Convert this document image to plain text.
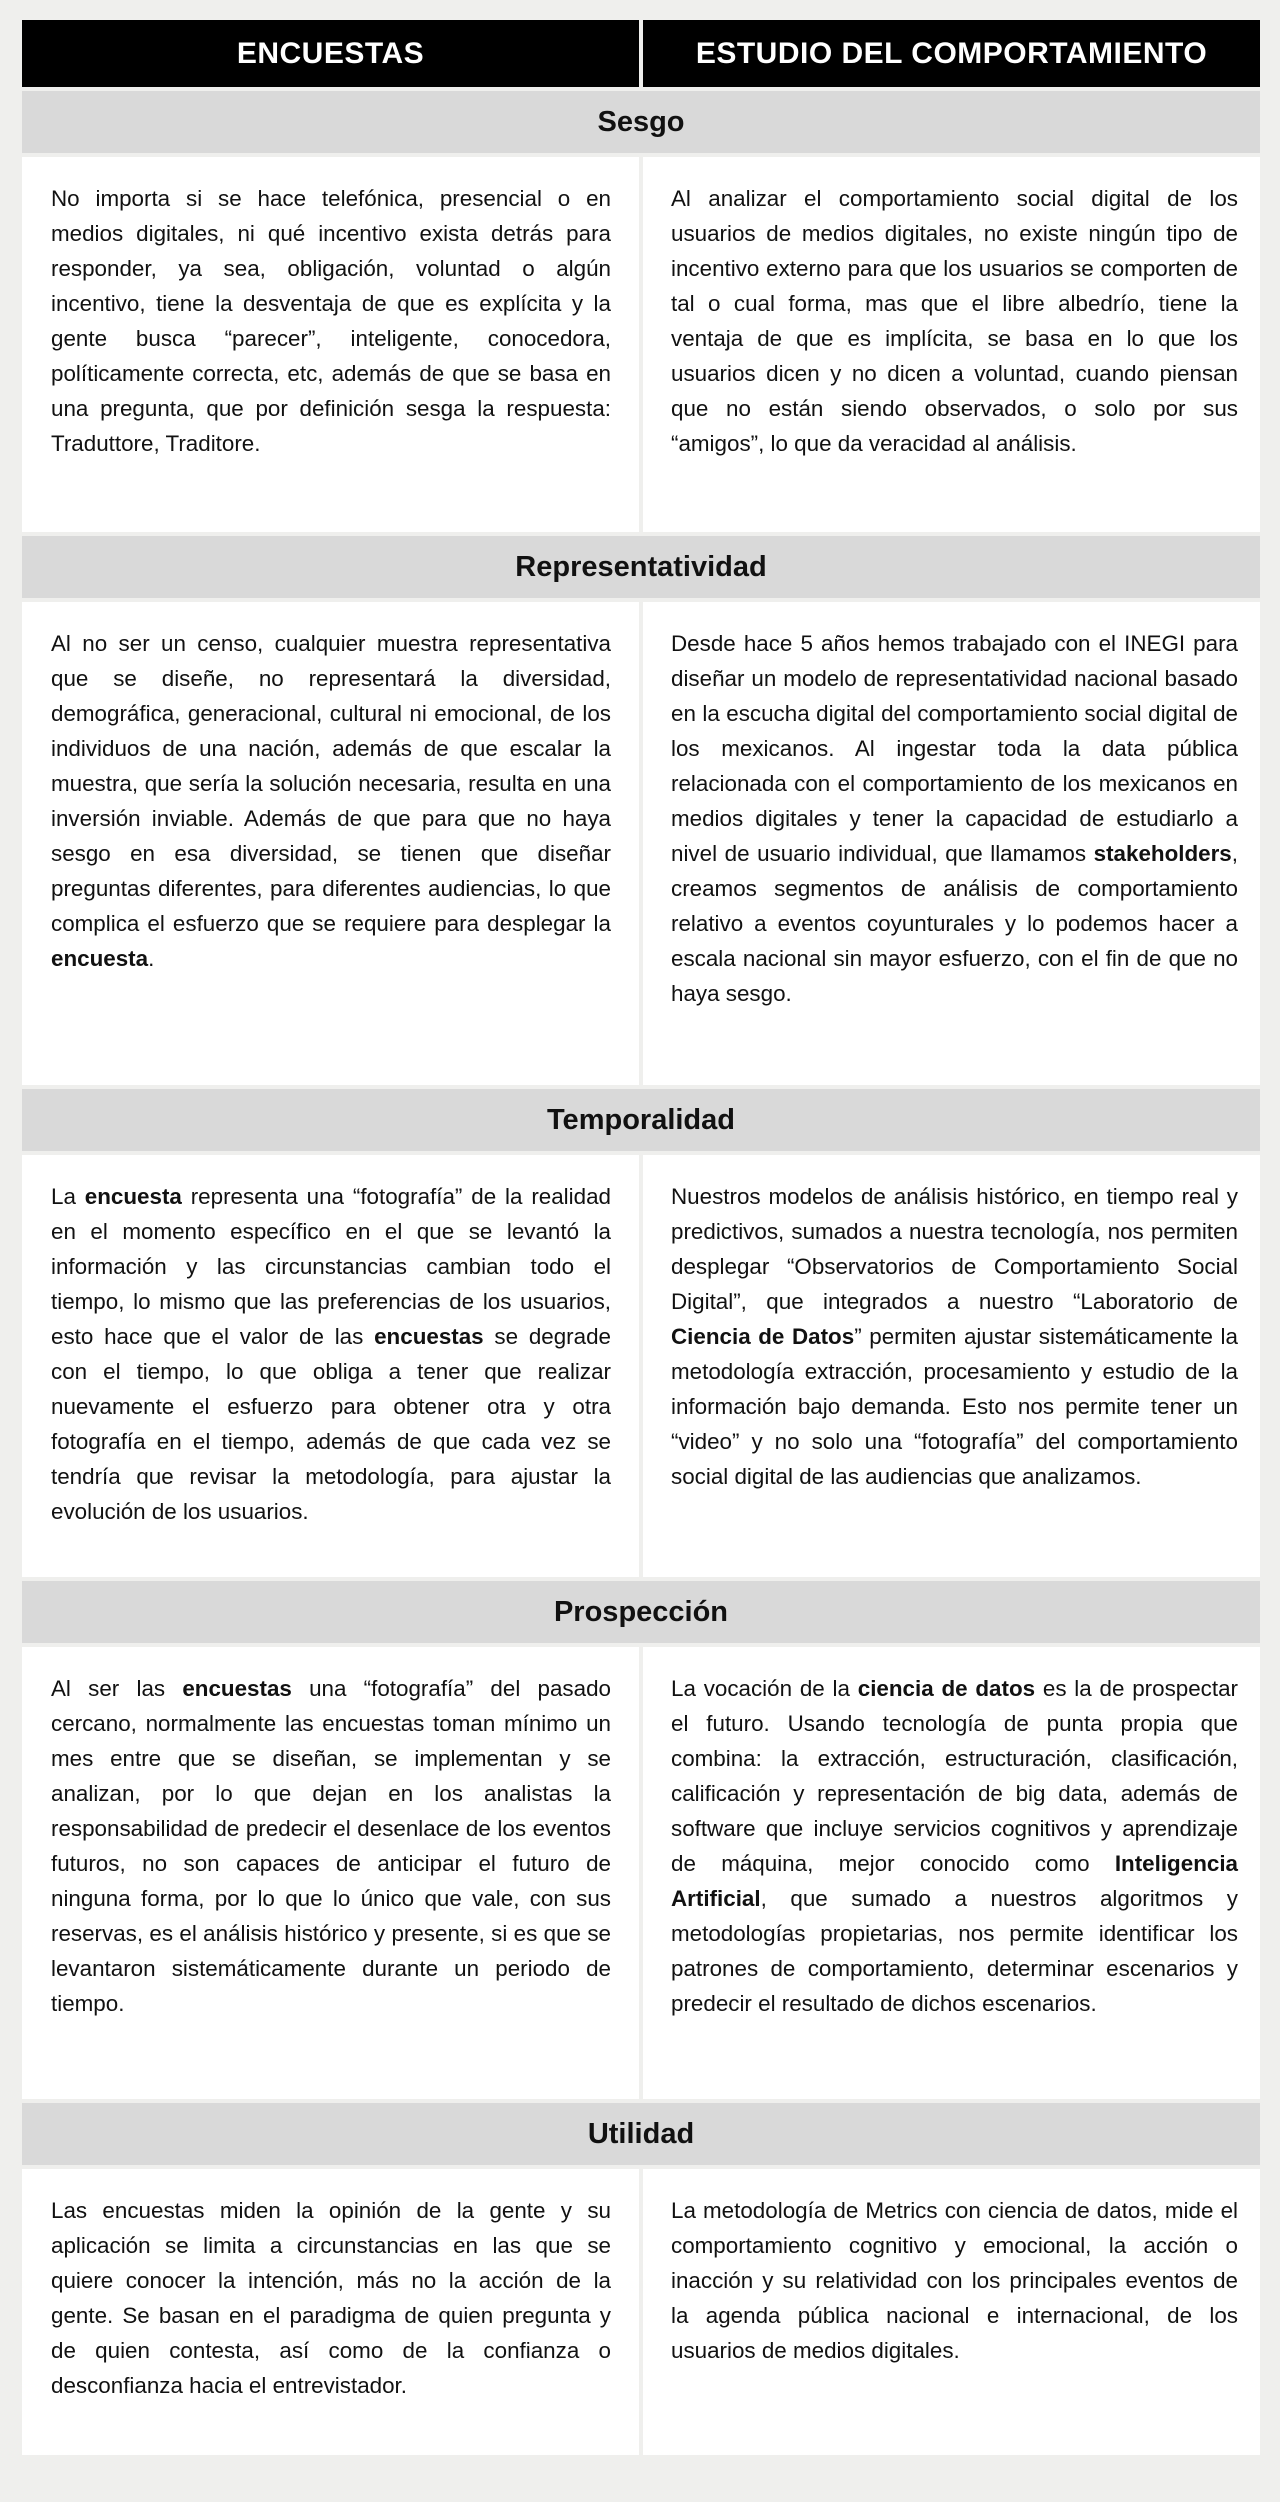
ENCUESTAS	ESTUDIO DEL COMPORTAMIENTO
Sesgo
No importa si se hace telefónica, presencial o en medios digitales, ni qué incentivo exista detrás para responder, ya sea, obligación, voluntad o algún incentivo, tiene la desventaja de que es explícita y la gente busca “parecer”, inteligente, conocedora, políticamente correcta, etc, además de que se basa en una pregunta, que por definición sesga la respuesta: Traduttore, Traditore.
Al analizar el comportamiento social digital de los usuarios de medios digitales, no existe ningún tipo de incentivo externo para que los usuarios se comporten de tal o cual forma, mas que el libre albedrío, tiene la ventaja de que es implícita, se basa en lo que los usuarios dicen y no dicen a voluntad, cuando piensan que no están siendo observados, o solo por sus “amigos”, lo que da veracidad al análisis.
Representatividad
Al no ser un censo, cualquier muestra representativa que se diseñe, no representará la diversidad, demográfica, generacional, cultural ni emocional, de los individuos de una nación, además de que escalar la muestra, que sería la solución necesaria, resulta en una inversión inviable. Además de que para que no haya sesgo en esa diversidad, se tienen que diseñar preguntas diferentes, para diferentes audiencias, lo que complica el esfuerzo que se requiere para desplegar la encuesta.
Desde hace 5 años hemos trabajado con el INEGI para diseñar un modelo de representatividad nacional basado en la escucha digital del comportamiento social digital de los mexicanos. Al ingestar toda la data pública relacionada con el comportamiento de los mexicanos en medios digitales y tener la capacidad de estudiarlo a nivel de usuario individual, que llamamos stakeholders, creamos segmentos de análisis de comportamiento relativo a eventos coyunturales y lo podemos hacer a escala nacional sin mayor esfuerzo, con el fin de que no haya sesgo.
Temporalidad
La encuesta representa una “fotografía” de la realidad en el momento específico en el que se levantó la información y las circunstancias cambian todo el tiempo, lo mismo que las preferencias de los usuarios, esto hace que el valor de las encuestas se degrade con el tiempo, lo que obliga a tener que realizar nuevamente el esfuerzo para obtener otra y otra fotografía en el tiempo, además de que cada vez se tendría que revisar la metodología, para ajustar la evolución de los usuarios.
Nuestros modelos de análisis histórico, en tiempo real y predictivos, sumados a nuestra tecnología, nos permiten desplegar “Observatorios de Comportamiento Social Digital”, que integrados a nuestro “Laboratorio de Ciencia de Datos” permiten ajustar sistemáticamente la metodología extracción, procesamiento y estudio de la información bajo demanda. Esto nos permite tener un “video” y no solo una “fotografía” del comportamiento social digital de las audiencias que analizamos.
Prospección
Al ser las encuestas una “fotografía” del pasado cercano, normalmente las encuestas toman mínimo un mes entre que se diseñan, se implementan y se analizan, por lo que dejan en los analistas la responsabilidad de predecir el desenlace de los eventos futuros, no son capaces de anticipar el futuro de ninguna forma, por lo que lo único que vale, con sus reservas, es el análisis histórico y presente, si es que se levantaron sistemáticamente durante un periodo de tiempo.
La vocación de la ciencia de datos es la de prospectar el futuro. Usando tecnología de punta propia que combina: la extracción, estructuración, clasificación, calificación y representación de big data, además de software que incluye servicios cognitivos y aprendizaje de máquina, mejor conocido como Inteligencia Artificial, que sumado a nuestros algoritmos y metodologías propietarias, nos permite identificar los patrones de comportamiento, determinar escenarios y predecir el resultado de dichos escenarios.
Utilidad
Las encuestas miden la opinión de la gente y su aplicación se limita a circunstancias en las que se quiere conocer la intención, más no la acción de la gente. Se basan en el paradigma de quien pregunta y de quien contesta, así como de la confianza o desconfianza hacia el entrevistador.
La metodología de Metrics con ciencia de datos, mide el comportamiento cognitivo y emocional, la acción o inacción y su relatividad con los principales eventos de la agenda pública nacional e internacional, de los usuarios de medios digitales.
